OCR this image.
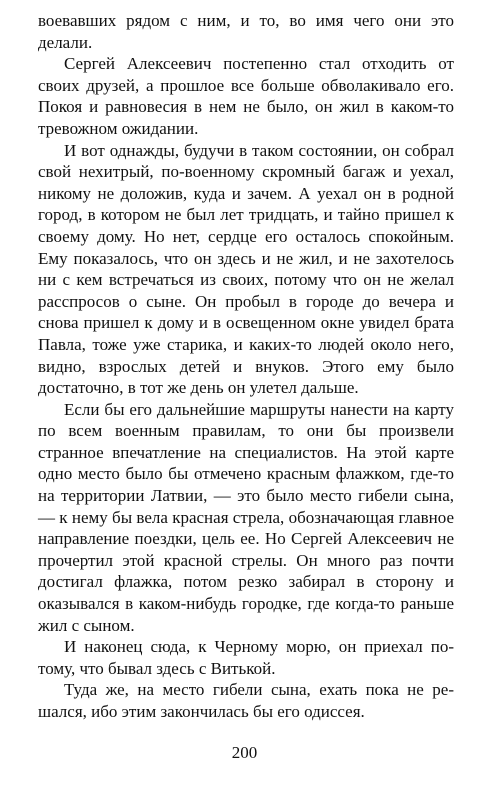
воевавших рядом с ним, и то, во имя чего они это делали.

Сергей Алексеевич постепенно стал отходить от своих друзей, а прошлое все больше обволакивало его. Покоя и равновесия в нем не было, он жил в каком-то тревожном ожидании.

И вот однажды, будучи в таком состоянии, он собрал свой нехитрый, по-военному скромный багаж и уехал, никому не доложив, куда и зачем. А уехал он в родной город, в котором не был лет тридцать, и тайно пришел к своему дому. Но нет, сердце его осталось спокойным. Ему показалось, что он здесь и не жил, и не захотелось ни с кем встречаться из своих, потому что он не желал расспросов о сыне. Он пробыл в городе до вечера и снова пришел к дому и в освещенном окне увидел брата Павла, тоже уже старика, и каких-то людей около него, видно, взрослых детей и внуков. Этого ему было достаточно, в тот же день он улетел дальше.

Если бы его дальнейшие маршруты нанести на карту по всем военным правилам, то они бы произвели странное впечатление на специалистов. На этой карте одно место было бы отмечено красным флажком, где-то на территории Латвии, — это было место гибели сына, — к нему бы вела красная стрела, обозначающая главное направление поездки, цель ее. Но Сергей Алексеевич не прочертил этой красной стрелы. Он много раз почти достигал флажка, потом резко забирал в сторону и оказывался в каком-нибудь городке, где когда-то раньше жил с сыном.

И наконец сюда, к Черному морю, он приехал потому, что бывал здесь с Витькой.

Туда же, на место гибели сына, ехать пока не решался, ибо этим закончилась бы его одиссея.

200
